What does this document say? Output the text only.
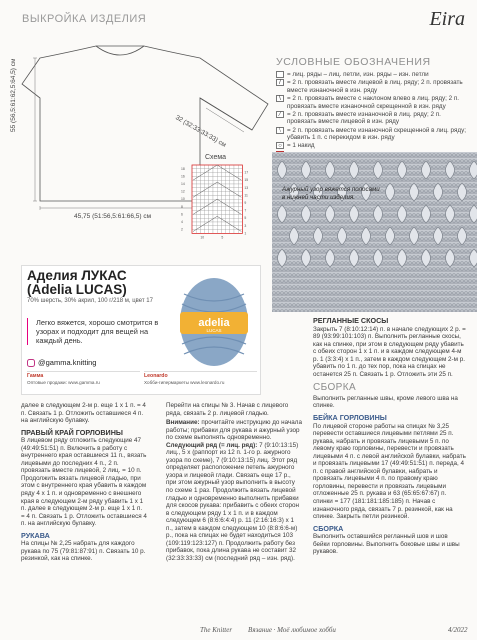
ВЫКРОЙКА ИЗДЕЛИЯ	Eira
55 (56,5:61:62,5:64,5) см
45,75 (51:56,5:61:66,5) см
32 (32:33:33:33) см
УСЛОВНЫЕ ОБОЗНАЧЕНИЯ
= лиц. ряды – лиц. петли, изн. ряды – изн. петли
/ = 2 п. провязать вместе лицевой в лиц. ряду; 2 п. провязать вместе изнаночной в изн. ряду
\ = 2 п. провязать вместе с наклоном влево в лиц. ряду; 2 п. провязать вместе изнаночной скрещенной в изн. ряду
⁄	= 2 п. провязать вместе изнаночной в лиц. ряду; 2 п. провязать вместе лицевой в изн. ряду
⧵ = 2 п. провязать вместе изнаночной скрещенной в лиц. ряду; убавить 1 п. с перекидом в изн. ряду
○ = 1 накид
Схема
18
16
14
12
10
8
6
4
2
17
15
13
11
9
7
5
3
1
10	5
Ажурный узор вяжется полосами в нижней части изделия.
Аделия ЛУКАС
(Adelia LUCAS)
70% шерсть, 30% акрил, 100 г/218 м, цвет 17
Легко вяжется, хорошо смотрится в узорах и подходит для вещей на каждый день.
@gamma.knitting
Гамма
Оптовые продажи: www.gamma.ru
Leonardo
Хобби-гипермаркеты www.leonardo.ru
adelia
LUCAS
РЕГЛАННЫЕ СКОСЫ

Закрыть 7 (8:10:12:14) п. в начале следующих 2 р. = 89 (93:99:101:103) п. Выполнить регланные скосы, как на спинке, при этом в следующем ряду убавить с обеих сторон 1 х 1 п. и в каждом следующем 4-м р. 1 (3:3:4) х 1 п., затем в каждом следующем 2-м р. убавить по 1 п. до тех пор, пока на спицах не останется 25 п. Связать 1 р. Отложить эти 25 п.

СБОРКА

Выполнить регланные швы, кроме левого шва на спинке.

БЕЙКА ГОРЛОВИНЫ

По лицевой стороне работы на спицах № 3,25 перевести оставшиеся лицевыми петлями 25 п. рукава, набрать и провязать лицевыми 5 п. по левому краю горловины, перевести и провязать лицевыми 4 п. с левой английской булавки, набрать и провязать лицевыми 17 (49:49:51:51) п. переда, 4 п. с правой английской булавки, набрать и провязать лицевыми 4 п. по правому краю горловины, перевести и провязать лицевыми отложенные 25 п. рукава и 63 (65:65:67:67) п. спинки = 177 (181:181:185:185) п. Начав с изнаночного ряда, связать 7 р. резинкой, как на спинке. Закрыть петли резинкой.

СБОРКА

Выполнить оставшийся регланный шов и шов бейки горловины. Выполнить боковые швы и швы рукавов.

далее в следующем 2-м р. еще 1 х 1 п. = 4 п. Связать 1 р. Отложить оставшиеся 4 п. на английскую булавку.

ПРАВЫЙ КРАЙ ГОРЛОВИНЫ

В лицевом ряду отложить следующие 47 (49:49:51:51) п. Включить в работу с внутреннего края оставшиеся 11 п., вязать лицевыми до последних 4 п., 2 п. провязать вместе лицевой, 2 лиц. = 10 п. Продолжить вязать лицевой гладью, при этом с внутреннего края убавить в каждом ряду 4 х 1 п. и одновременно с внешнего края в следующем 2-м ряду убавить 1 х 1 п. далее в следующем 2-м р. еще 1 х 1 п. = 4 п. Связать 1 р. Отложить оставшиеся 4 п. на английскую булавку.

РУКАВА

На спицы № 2,25 набрать для каждого рукава по 75 (79:81:87:91) п. Связать 10 р. резинкой, как на спинке.

Перейти на спицы № 3. Начав с лицевого ряда, связать 2 р. лицевой гладью.

Внимание: прочитайте инструкцию до начала работы; прибавки для рукава и ажурный узор по схеме выполнять одновременно.

Следующий ряд (= лиц. ряд): 7 (9:10:13:15) лиц., 5 х (раппорт из 12 п. 1-го р. ажурного узора по схеме), 7 (9:10:13:15) лиц. Этот ряд определяет расположение петель ажурного узора и лицевой глади. Связать еще 17 р., при этом ажурный узор выполнить в высоту по схеме 1 раз. Продолжить вязать лицевой гладью и одновременно выполнить прибавки для скосов рукава: прибавить с обеих сторон в следующем ряду 1 х 1 п. и в каждом следующем 6 (8:6:6:4:4) р. 11 (2:16:16:3) х 1 п., затем в каждом следующем 10 (8:8:6:6-м) р., пока на спицах не будет находиться 103 (109:119:123:127) п. Продолжить работу без прибавок, пока длина рукава не составит 32 (32:33:33:33) см (последний ряд – изн. ряд).

The Knitter Вязание · Моё любимое хобби	4/2022
